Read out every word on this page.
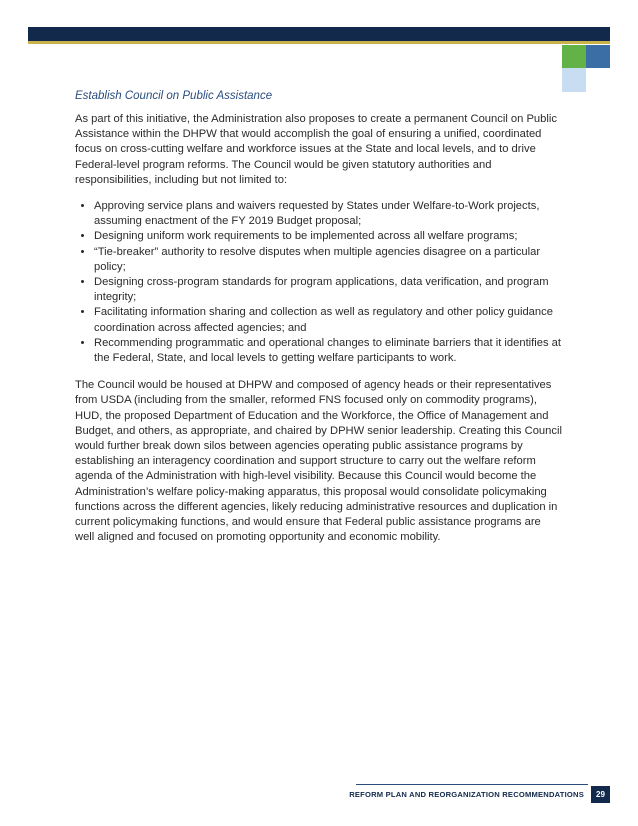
Establish Council on Public Assistance

As part of this initiative, the Administration also proposes to create a permanent Council on Public Assistance within the DHPW that would accomplish the goal of ensuring a unified, coordinated focus on cross-cutting welfare and workforce issues at the State and local levels, and to drive Federal-level program reforms. The Council would be given statutory authorities and responsibilities, including but not limited to:

• Approving service plans and waivers requested by States under Welfare-to-Work projects, assuming enactment of the FY 2019 Budget proposal;
• Designing uniform work requirements to be implemented across all welfare programs;
• “Tie-breaker” authority to resolve disputes when multiple agencies disagree on a particular policy;
• Designing cross-program standards for program applications, data verification, and program integrity;
• Facilitating information sharing and collection as well as regulatory and other policy guidance coordination across affected agencies; and
• Recommending programmatic and operational changes to eliminate barriers that it identifies at the Federal, State, and local levels to getting welfare participants to work.

The Council would be housed at DHPW and composed of agency heads or their representatives from USDA (including from the smaller, reformed FNS focused only on commodity programs), HUD, the proposed Department of Education and the Workforce, the Office of Management and Budget, and others, as appropriate, and chaired by DPHW senior leadership. Creating this Council would further break down silos between agencies operating public assistance programs by establishing an interagency coordination and support structure to carry out the welfare reform agenda of the Administration with high-level visibility. Because this Council would become the Administration’s welfare policy-making apparatus, this proposal would consolidate policymaking functions across the different agencies, likely reducing administrative resources and duplication in current policymaking functions, and would ensure that Federal public assistance programs are well aligned and focused on promoting opportunity and economic mobility.

REFORM PLAN AND REORGANIZATION RECOMMENDATIONS	29
